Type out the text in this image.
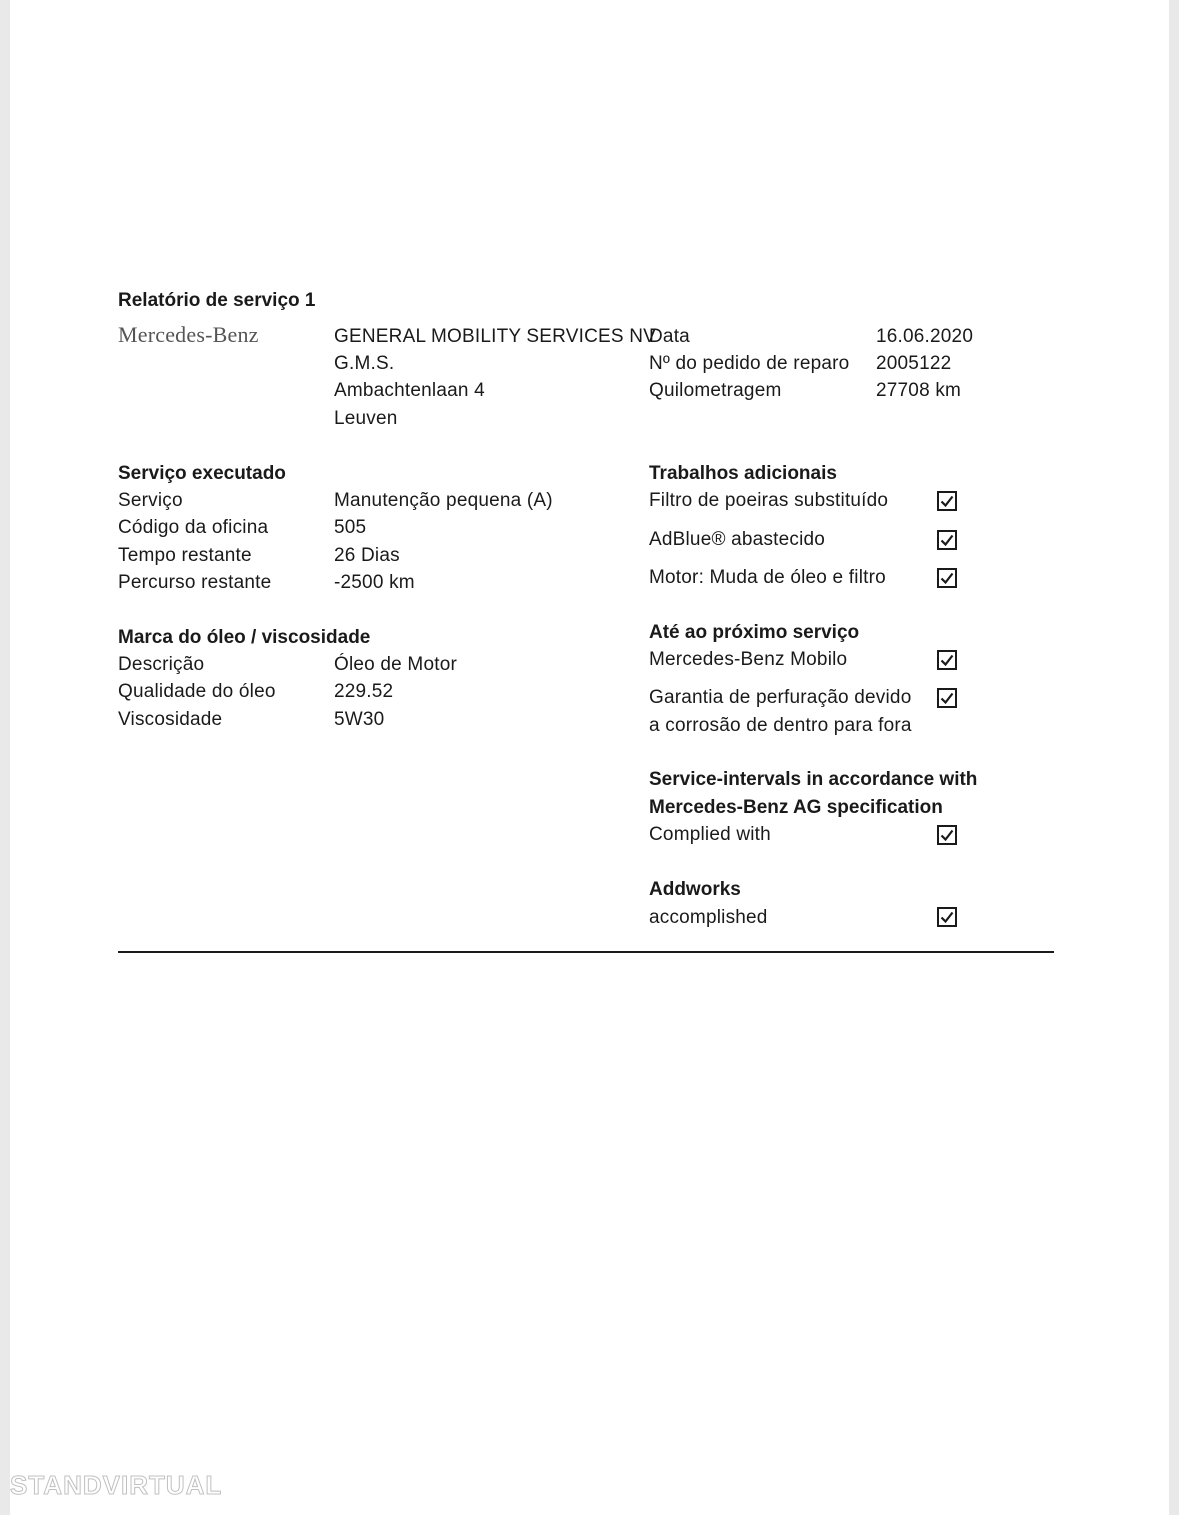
Relatório de serviço 1
Mercedes-Benz	GENERAL MOBILITY SERVICES NV
G.M.S.
Ambachtenlaan 4
Leuven
Data	16.06.2020
Nº do pedido de reparo 2005122
Quilometragem	27708 km
Serviço executado
Serviço	Manutenção pequena (A)
Código da oficina	505
Tempo restante	26 Dias
Percurso restante	-2500 km
Marca do óleo / viscosidade
Descrição	Óleo de Motor
Qualidade do óleo	229.52
Viscosidade	5W30
Trabalhos adicionais
Filtro de poeiras substituído
AdBlue® abastecido
Motor: Muda de óleo e filtro
Até ao próximo serviço
Mercedes-Benz Mobilo
Garantia de perfuração devido
a corrosão de dentro para fora
Service-intervals in accordance with
Mercedes-Benz AG specification
Complied with
Addworks
accomplished
STANDVIRTUAL
